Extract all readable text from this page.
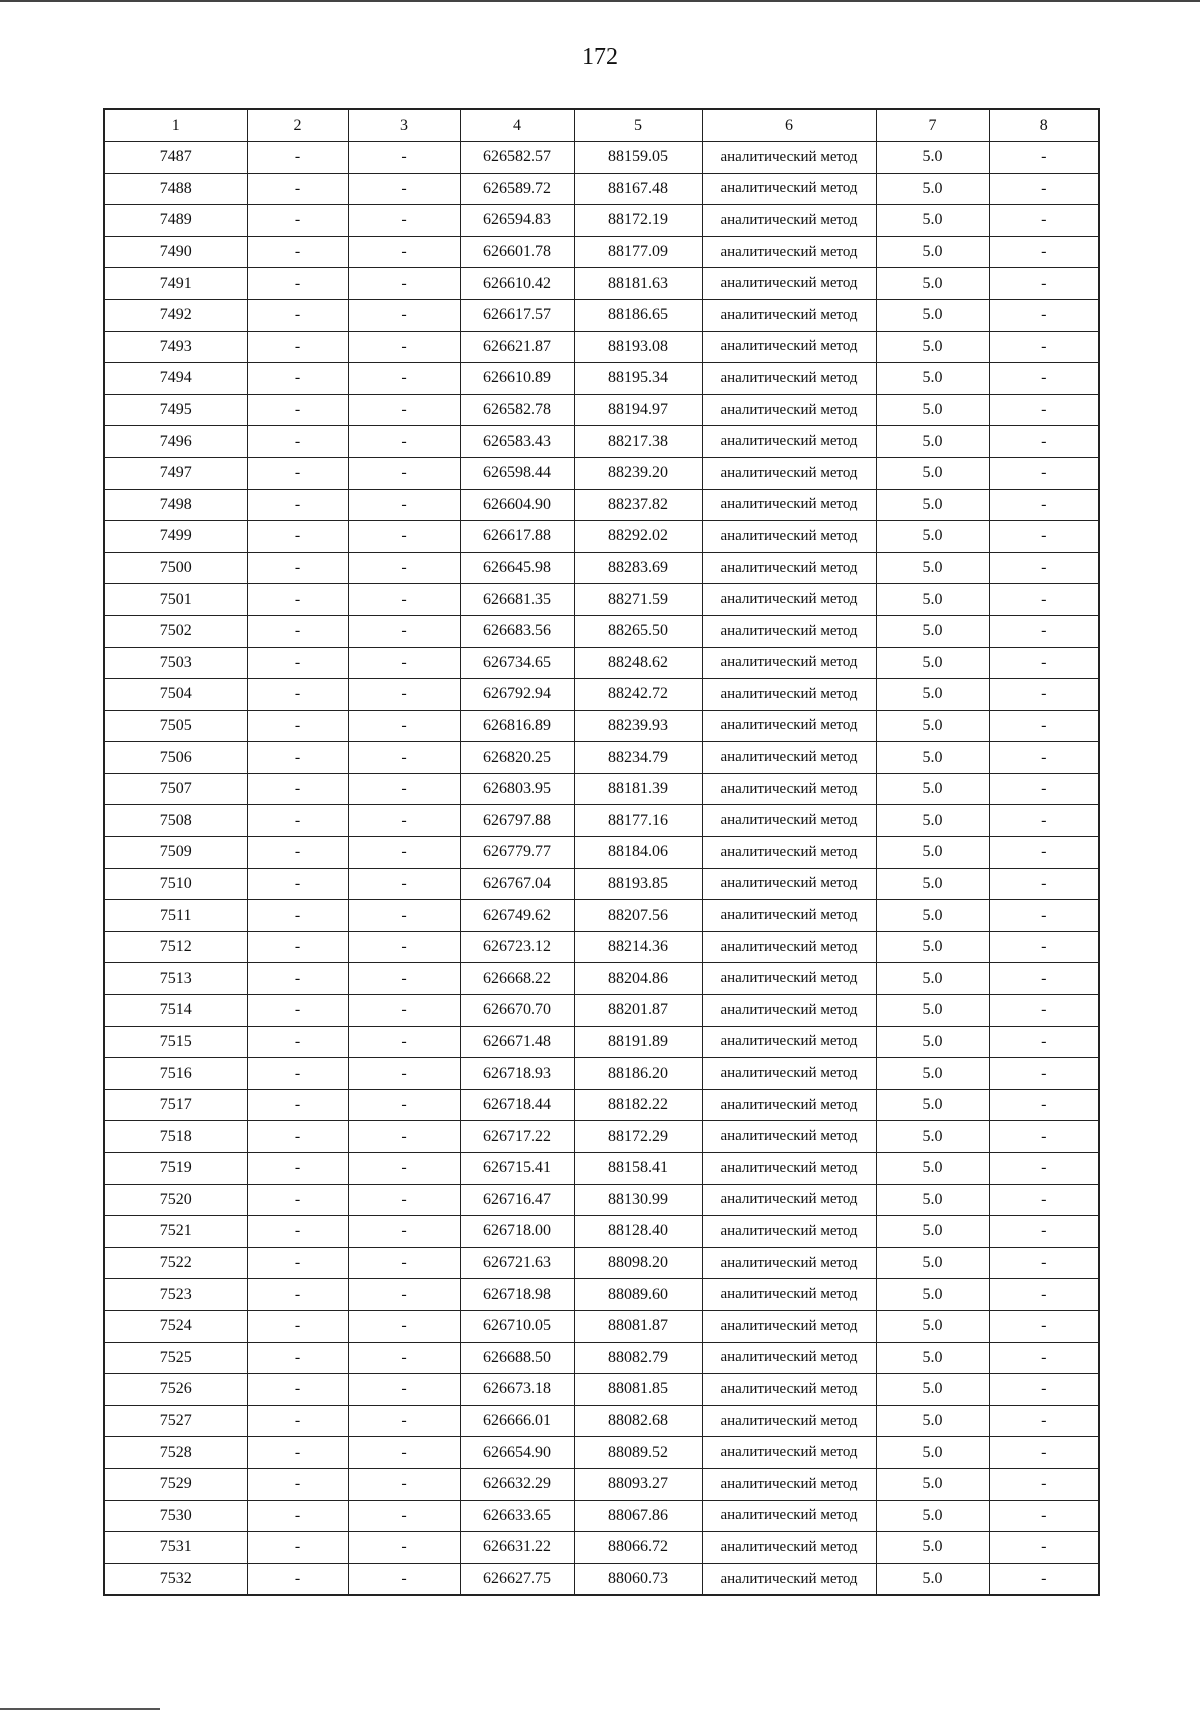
172
1	2	3	4	5	6	7	8
7487	-	-	626582.57	88159.05	аналитический метод	5.0	-
7488	-	-	626589.72	88167.48	аналитический метод	5.0	-
7489	-	-	626594.83	88172.19	аналитический метод	5.0	-
7490	-	-	626601.78	88177.09	аналитический метод	5.0	-
7491	-	-	626610.42	88181.63	аналитический метод	5.0	-
7492	-	-	626617.57	88186.65	аналитический метод	5.0	-
7493	-	-	626621.87	88193.08	аналитический метод	5.0	-
7494	-	-	626610.89	88195.34	аналитический метод	5.0	-
7495	-	-	626582.78	88194.97	аналитический метод	5.0	-
7496	-	-	626583.43	88217.38	аналитический метод	5.0	-
7497	-	-	626598.44	88239.20	аналитический метод	5.0	-
7498	-	-	626604.90	88237.82	аналитический метод	5.0	-
7499	-	-	626617.88	88292.02	аналитический метод	5.0	-
7500	-	-	626645.98	88283.69	аналитический метод	5.0	-
7501	-	-	626681.35	88271.59	аналитический метод	5.0	-
7502	-	-	626683.56	88265.50	аналитический метод	5.0	-
7503	-	-	626734.65	88248.62	аналитический метод	5.0	-
7504	-	-	626792.94	88242.72	аналитический метод	5.0	-
7505	-	-	626816.89	88239.93	аналитический метод	5.0	-
7506	-	-	626820.25	88234.79	аналитический метод	5.0	-
7507	-	-	626803.95	88181.39	аналитический метод	5.0	-
7508	-	-	626797.88	88177.16	аналитический метод	5.0	-
7509	-	-	626779.77	88184.06	аналитический метод	5.0	-
7510	-	-	626767.04	88193.85	аналитический метод	5.0	-
7511	-	-	626749.62	88207.56	аналитический метод	5.0	-
7512	-	-	626723.12	88214.36	аналитический метод	5.0	-
7513	-	-	626668.22	88204.86	аналитический метод	5.0	-
7514	-	-	626670.70	88201.87	аналитический метод	5.0	-
7515	-	-	626671.48	88191.89	аналитический метод	5.0	-
7516	-	-	626718.93	88186.20	аналитический метод	5.0	-
7517	-	-	626718.44	88182.22	аналитический метод	5.0	-
7518	-	-	626717.22	88172.29	аналитический метод	5.0	-
7519	-	-	626715.41	88158.41	аналитический метод	5.0	-
7520	-	-	626716.47	88130.99	аналитический метод	5.0	-
7521	-	-	626718.00	88128.40	аналитический метод	5.0	-
7522	-	-	626721.63	88098.20	аналитический метод	5.0	-
7523	-	-	626718.98	88089.60	аналитический метод	5.0	-
7524	-	-	626710.05	88081.87	аналитический метод	5.0	-
7525	-	-	626688.50	88082.79	аналитический метод	5.0	-
7526	-	-	626673.18	88081.85	аналитический метод	5.0	-
7527	-	-	626666.01	88082.68	аналитический метод	5.0	-
7528	-	-	626654.90	88089.52	аналитический метод	5.0	-
7529	-	-	626632.29	88093.27	аналитический метод	5.0	-
7530	-	-	626633.65	88067.86	аналитический метод	5.0	-
7531	-	-	626631.22	88066.72	аналитический метод	5.0	-
7532	-	-	626627.75	88060.73	аналитический метод	5.0	-
